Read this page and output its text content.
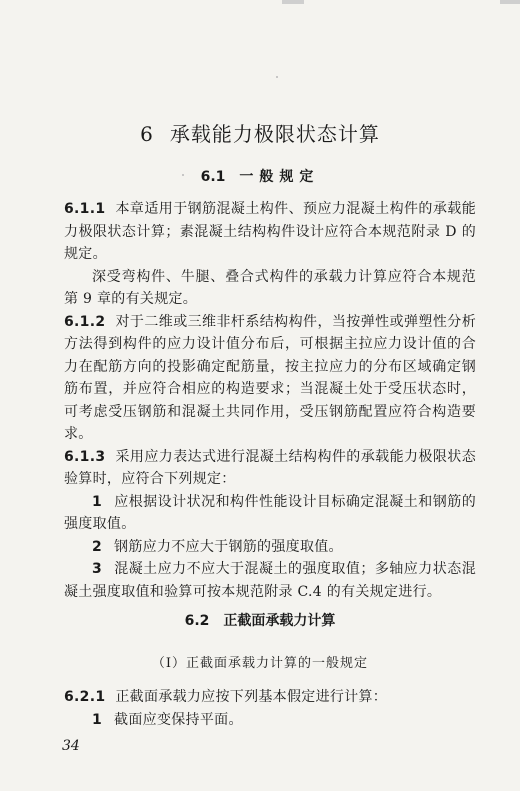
6 承载能力极限状态计算
6.1 一般规定

6.1.1 本章适用于钢筋混凝土构件、预应力混凝土构件的承载能力极限状态计算；素混凝土结构构件设计应符合本规范附录 D 的规定。

深受弯构件、牛腿、叠合式构件的承载力计算应符合本规范第 9 章的有关规定。

6.1.2 对于二维或三维非杆系结构构件，当按弹性或弹塑性分析方法得到构件的应力设计值分布后，可根据主拉应力设计值的合力在配筋方向的投影确定配筋量，按主拉应力的分布区域确定钢筋布置，并应符合相应的构造要求；当混凝土处于受压状态时，可考虑受压钢筋和混凝土共同作用，受压钢筋配置应符合构造要求。

6.1.3 采用应力表达式进行混凝土结构构件的承载能力极限状态验算时，应符合下列规定：

1 应根据设计状况和构件性能设计目标确定混凝土和钢筋的强度取值。

2 钢筋应力不应大于钢筋的强度取值。

3 混凝土应力不应大于混凝土的强度取值；多轴应力状态混凝土强度取值和验算可按本规范附录 C.4 的有关规定进行。

6.2 正截面承载力计算
（Ⅰ）正截面承载力计算的一般规定

6.2.1 正截面承载力应按下列基本假定进行计算：

1 截面应变保持平面。

34
